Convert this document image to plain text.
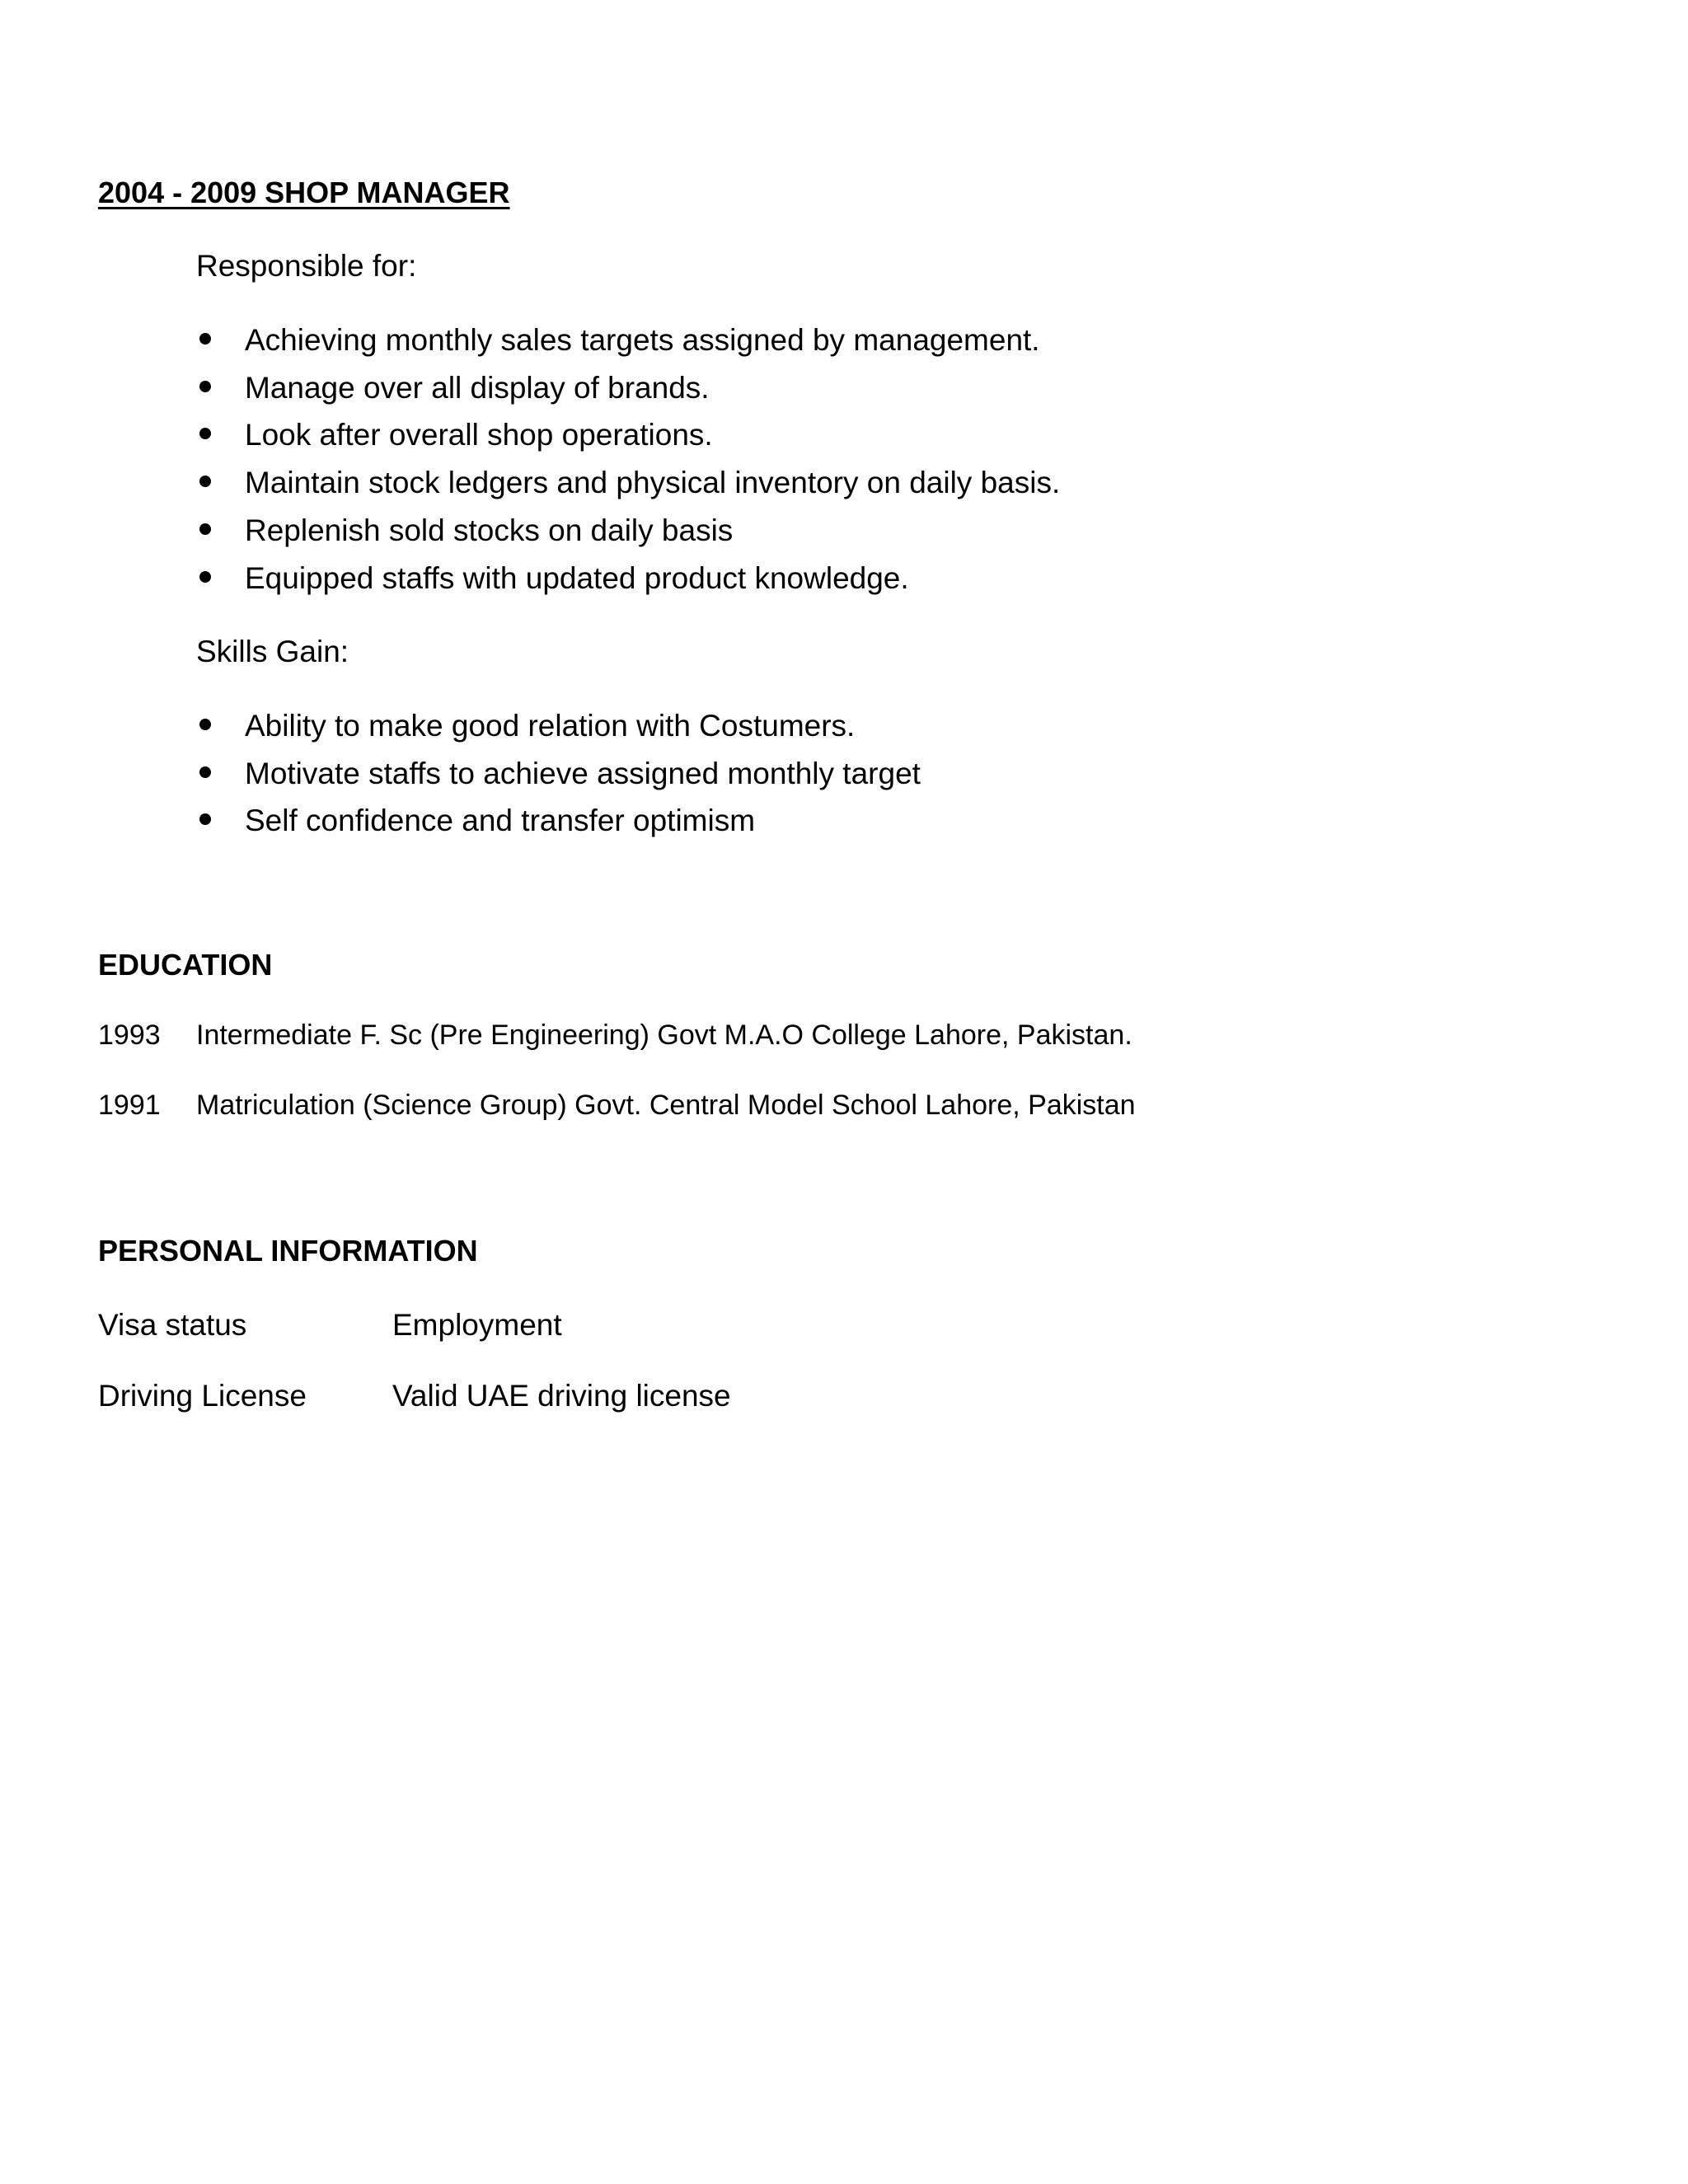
2004 - 2009 SHOP MANAGER
Responsible for:
Achieving monthly sales targets assigned by management.
Manage over all display of brands.
Look after overall shop operations.
Maintain stock ledgers and physical inventory on daily basis.
Replenish sold stocks on daily basis
Equipped staffs with updated product knowledge.
Skills Gain:
Ability to make good relation with Costumers.
Motivate staffs to achieve assigned monthly target
Self confidence and transfer optimism
EDUCATION
1993 Intermediate F. Sc (Pre Engineering) Govt M.A.O College Lahore, Pakistan.
1991 Matriculation (Science Group) Govt. Central Model School Lahore, Pakistan
PERSONAL INFORMATION
Visa status	Employment
Driving License	Valid UAE driving license
